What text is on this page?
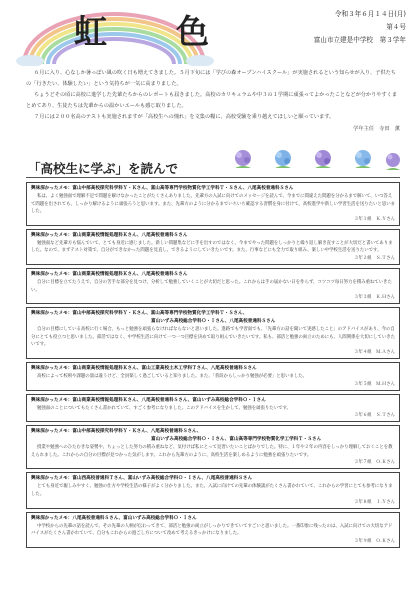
虹　色	令和３年６月１４日(月)
第４号
富山市立建是中学校　第３学年

６月に入り、心なしか暑っぽい風の吹く日も増えてきました。５月下旬には「学びの森オープンハイスクール」が実施されるという知らせが入り、子供たちの「行きたい、体験したい」という気持ちが一気に高まりました。

ちょうどその頃に高校に進学した先輩たちからのレポートも届きました。高校のカリキュラムや中３の１学期に頑張ってよかったことなどが分かりやすくまとめてあり、生徒たちは先輩からの温かいエールも感じ取りました。

７月には２００名高のテストも実施されますが「高校生への憧れ」を文集の糧に、高校受験を乗り越えてほしいと願っています。

学年主任　寺田　薫
「高校生に学ぶ」を読んで
興味深かったメモ：富山中部高校探究科学科Ｙ・Ｋさん、富山高等専門学校物質化学工学科Ｔ・Ｓさん、八尾高校普通科Ｓさん
私は、よく勉強面で理解不足で問題を解けなかったことがたくさんありました。先輩方の入試に向けてのメッセージを読んで、今までに間違えた問題を分かるまで解いて、いつ答えて問題を出されても、しっかり解けるように頑張ろうと思います。また、先輩方のように分かるまでいちいち確認する習慣を身に付けて、高校進学や新しい学習生活を送りたいと思いました。
３年１組　Ｋ.Ｙさん
興味深かったメモ：富山商業高校情報処理科Ｋさん、八尾高校普通科Ｓさん
勉強面など先輩方も悩んでいて、とても身近に感じました。新しい問題集などに手を出すのではなく、今までやった問題をしっかりと繰り返し解き直すことが大切だと書いてありました。なので、まずテスト対策で、自分ができなかった問題を見直し、できるようにしていきたいです。また、行事などにも全力で取り組み、楽しい中学校生活を送りたいです。
３年２組　Ｓ.Ｔさん
興味深かったメモ：富山商業高校情報処理科Ｋさん、八尾高校普通科Ｓさん
自分に目標を立てたうえで、自分の苦手な部分を見つけ、分析して勉強していくことが大切だと思った。これからは手の届かない日を作らず、コツコツ毎日努力を積み重ねていきたい。
３年３組　Ｋ.Ｈさん
興味深かったメモ：富山中部高校探究科学科Ｙ・Ｋさん、富山高等専門学校物質化学工学科Ｔ・Ｓさん、
富山いずみ高校総合学科Ｏ・Ｉさん、八尾高校普通科Ｓさん
自分の目標にしている高校に行く場合、もっと勉強を頑張らなければならないと思いました。進路でも学習面でも、「先輩方の話を聞いて実感したこと」のアドバイスがあり、今の自分にとても役立つと思いました。部活ではなく、中学校生活に向けて一つ一つ目標を決めて取り組んでいきたいです。私も、部活と勉強の両立のためにも、人間関係を大切にしていきたいです。
３年４組　Ｍ.Ａさん
興味深かったメモ：富山商業高校情報処理科Ｋさん、富山工業高校土木工学科Ｔさん、八尾高校普通科Ｓさん
高校によって校則や課題の量は違うけど、全員楽しく過ごしていると知りました。また、「普段からしっかり勉強が必要」と思いました。
３年５組　Ｍ.Ｈさん
興味深かったメモ：富山商業高校情報処理科Ｋさん、八尾高校普通科Ｓさん、富山いずみ高校総合学科Ｏ・Ｉさん
勉強面のことについてもたくさん書かれていて、すごく参考になりました。このアドバイスを生かして、勉強を頑張りたいです。
３年６組　Ｓ.Ｔさん
興味深かったメモ：富山中部高校探究科学科Ｙ・Ｋさん、八尾高校普通科Ｓさん、
富山いずみ高校総合学科Ｏ・Ｉさん、富山高等専門学校物質化学工学科Ｔ・Ｓさん
授業や勉強へのひたむきな姿勢や、ちょっとした努力の積み重ねなど、気付けば私にとって見習いたいことばかりでした。特に、１年や２年の内容をしっかり理解しておくことを教えられました。これからの自分の目標が見つかった気がします。これから先輩方のように、高校生活を楽しめるように勉強を頑張りたいです。
３年７組　Ｏ.Ｋさん
興味深かったメモ：富山西高校普通科Ｔさん、富山いずみ高校総合学科Ｏ・Ｉさん、八尾高校普通科Ｓさん
とても身近で親しみやすく、勉強の仕方や学校生活の様子がよく分かりました。また、入試に向けての先輩の体験談がたくさん書かれていて、これからの学習にとても参考になりました。
３年８組　Ｉ.Ｙさん
興味深かったメモ：八尾高校普通科Ｓさん、富山いずみ高校総合学科Ｏ・Ｉさん
中学校からの先輩の話を読んで、その先輩の人柄が伝わってきて、部活と勉強の両立がしっかりできていてすごいと思いました。一番印象に残ったのは、入試に向けての大切なアドバイスがたくさん書かれていて、自分もこれからの過ごし方について改めて考えるきっかけになりました。
３年９組　Ｏ.Ｋさん
